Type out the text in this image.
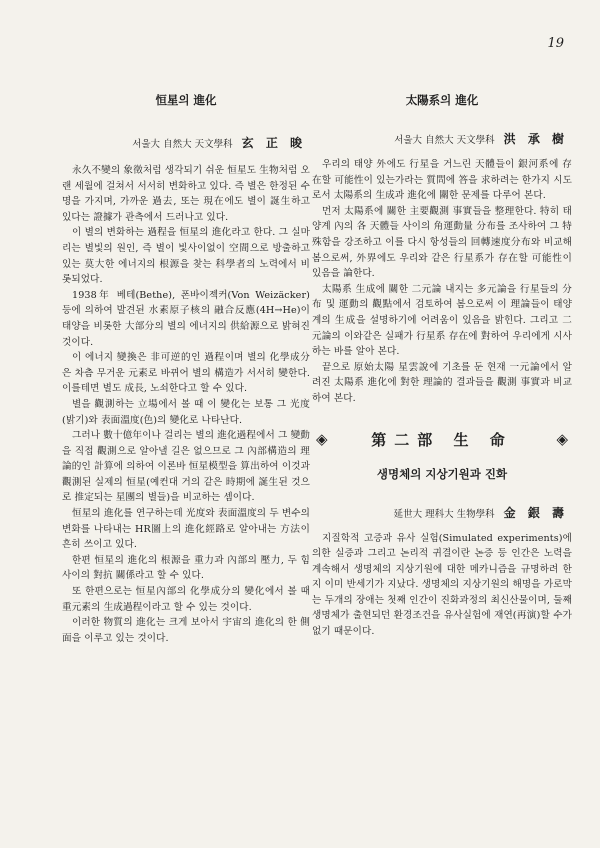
19
恒星의 進化
서울大 自然大 天文學科 玄 正 晙

永久不變의 象徵처럼 생각되기 쉬운 恒星도 生物처럼 오랜 세월에 걸쳐서 서서히 변화하고 있다. 즉 별은 한정된 수명을 가지며, 가까운 過去, 또는 現在에도 별이 誕生하고 있다는 證據가 관측에서 드러나고 있다.

이 별의 변화하는 過程을 恒星의 進化라고 한다. 그 실마리는 별빛의 원인, 즉 별이 빛사이없이 空間으로 방출하고 있는 莫大한 에너지의 根源을 찾는 科學者의 노력에서 비롯되었다.

1938年 베테(Bethe), 폰바이젝커(Von Weizäcker) 등에 의하여 발견된 水素原子核의 融合反應(4H→He)이 태양을 비롯한 大部分의 별의 에너지의 供給源으로 밝혀진 것이다.

이 에너지 變換은 非可逆的인 過程이며 별의 化學成分은 차츰 무거운 元素로 바뀌어 별의 構造가 서서히 變한다. 이를테면 별도 成長, 노쇠한다고 할 수 있다.

별을 觀測하는 立場에서 볼 때 이 變化는 보통 그 光度(밝기)와 表面溫度(色)의 變化로 나타난다.

그러나 數十億年이나 걸리는 별의 進化過程에서 그 變動을 직접 觀測으로 알아낼 길은 없으므로 그 內部構造의 理論的인 計算에 의하여 이론바 恒星模型을 算出하여 이것과 觀測된 실제의 恒星(예컨대 거의 같은 時期에 誕生된 것으로 推定되는 星團의 별들)을 비교하는 셈이다.

恒星의 進化를 연구하는데 光度와 表面溫度의 두 변수의 변화를 나타내는 HR圖上의 進化經路로 알아내는 方法이 흔히 쓰이고 있다.

한편 恒星의 進化의 根源을 重力과 內部의 壓力, 두 힘사이의 對抗 關係라고 할 수 있다.

또 한편으로는 恒星內部의 化學成分의 變化에서 볼 때 重元素의 生成過程이라고 할 수 있는 것이다.

이러한 物質의 進化는 크게 보아서 宇宙의 進化의 한 側面을 이루고 있는 것이다.

太陽系의 進化
서울大 自然大 天文學科 洪 承 樹

우리의 태양 外에도 行星을 거느린 天體들이 銀河系에 存在할 可能性이 있는가라는 質問에 答을 求하려는 한가지 시도로서 太陽系의 生成과 進化에 關한 문제를 다루어 본다.

먼저 太陽系에 關한 主要觀測 事實들을 整理한다. 特히 태양계 內의 各 天體들 사이의 角運動量 分布를 조사하여 그 特殊함을 강조하고 이를 다시 항성들의 回轉速度分布와 비교해 봄으로써, 外界에도 우리와 같은 行星系가 存在할 可能性이 있음을 論한다.

太陽系 生成에 關한 二元論 내지는 多元論을 行星들의 分布 및 運動의 觀點에서 검토하여 봄으로써 이 理論들이 태양계의 生成을 설명하기에 어려움이 있음을 밝힌다. 그리고 二元論의 이와같은 실패가 行星系 存在에 對하여 우리에게 시사하는 바를 알아 본다.

끝으로 原始太陽 星雲說에 기초를 둔 현재 一元論에서 알려진 太陽系 進化에 對한 理論的 결과들을 觀測 事實과 비교하여 본다.

◈	第二部 生 命	◈
생명체의 지상기원과 진화
延世大 理科大 生物學科 金 銀 壽

지질학적 고증과 유사 실험(Simulated experiments)에 의한 실증과 그리고 논리적 귀결이란 논증 등 인간은 노력을 계속해서 생명체의 지상기원에 대한 메카니즘을 규명하려 한지 이미 반세기가 지났다. 생명체의 지상기원의 해명을 가로막는 두개의 장애는 첫째 인간이 진화과정의 최신산물이며, 둘째 생명체가 출현되던 환경조건을 유사실험에 재연(再演)할 수가 없기 때문이다.
